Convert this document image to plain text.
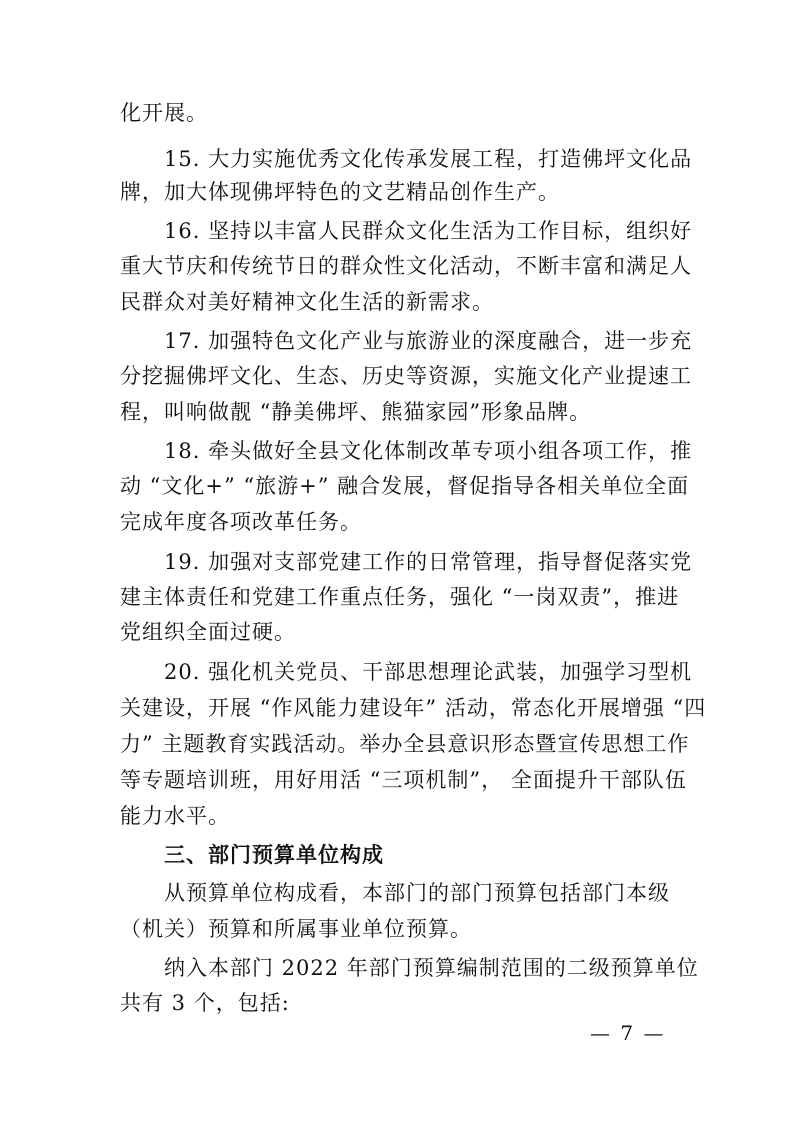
化开展。

15. 大力实施优秀文化传承发展工程，打造佛坪文化品

牌，加大体现佛坪特色的文艺精品创作生产。

16. 坚持以丰富人民群众文化生活为工作目标，组织好

重大节庆和传统节日的群众性文化活动，不断丰富和满足人

民群众对美好精神文化生活的新需求。

17. 加强特色文化产业与旅游业的深度融合，进一步充

分挖掘佛坪文化、生态、历史等资源，实施文化产业提速工

程，叫响做靓 “静美佛坪、熊猫家园”形象品牌。

18. 牵头做好全县文化体制改革专项小组各项工作，推

动 “文化+” “旅游+” 融合发展，督促指导各相关单位全面

完成年度各项改革任务。

19. 加强对支部党建工作的日常管理，指导督促落实党

建主体责任和党建工作重点任务，强化 “一岗双责”，推进

党组织全面过硬。

20. 强化机关党员、干部思想理论武装，加强学习型机

关建设，开展 “作风能力建设年” 活动，常态化开展增强 “四

力” 主题教育实践活动。举办全县意识形态暨宣传思想工作

等专题培训班，用好用活 “三项机制”， 全面提升干部队伍

能力水平。

三、部门预算单位构成

从预算单位构成看，本部门的部门预算包括部门本级

（机关）预算和所属事业单位预算。

纳入本部门 2022 年部门预算编制范围的二级预算单位

共有 3 个，包括:

— 7 —
